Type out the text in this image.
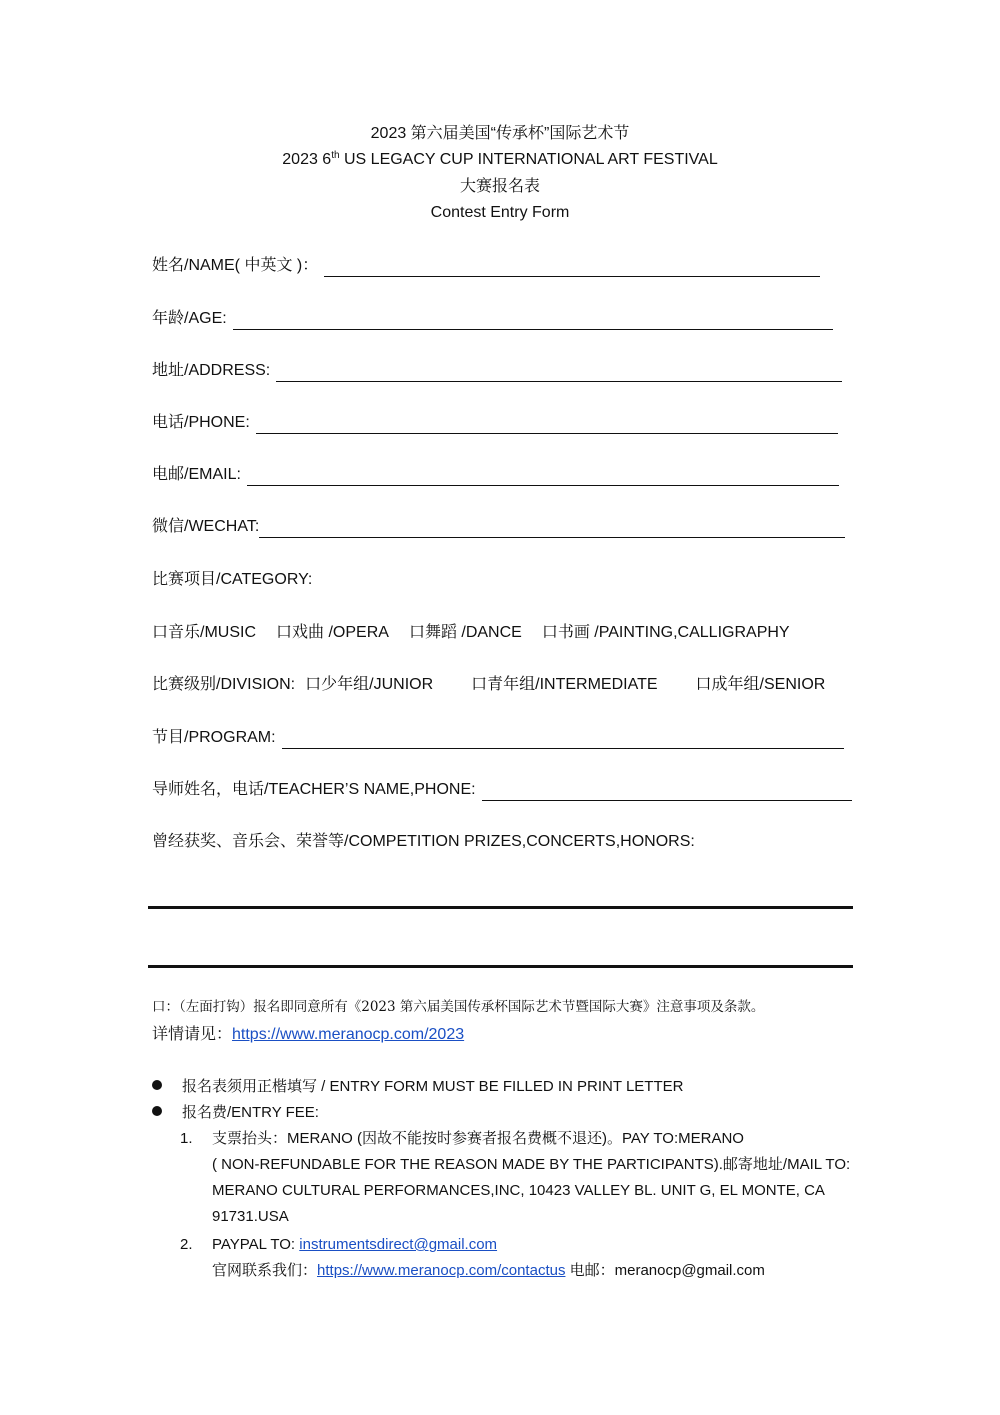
2023 第六届美国“传承杯”国际艺术节
2023 6th US LEGACY CUP INTERNATIONAL ART FESTIVAL
大赛报名表
Contest Entry Form
姓名/NAME( 中英文 )：
年龄/AGE:
地址/ADDRESS:
电话/PHONE:
电邮/EMAIL:
微信/WECHAT:
比赛项目/CATEGORY:
口音乐/MUSIC 口戏曲 /OPERA 口舞蹈 /DANCE 口书画 /PAINTING,CALLIGRAPHY
比赛级别/DIVISION: 口少年组/JUNIOR 口青年组/INTERMEDIATE 口成年组/SENIOR
节目/PROGRAM:
导师姓名，电话/TEACHER’S NAME,PHONE:
曾经获奖、音乐会、荣誉等/COMPETITION PRIZES,CONCERTS,HONORS:
口：（左面打钩）报名即同意所有《2023 第六届美国传承杯国际艺术节暨国际大赛》注意事项及条款。
详情请见：https://www.meranocp.com/2023
报名表须用正楷填写 / ENTRY FORM MUST BE FILLED IN PRINT LETTER
报名费/ENTRY FEE:
1. 支票抬头：MERANO (因故不能按时参赛者报名费概不退还)。PAY TO:MERANO
( NON-REFUNDABLE FOR THE REASON MADE BY THE PARTICIPANTS).邮寄地址/MAIL TO:
MERANO CULTURAL PERFORMANCES,INC, 10423 VALLEY BL. UNIT G, EL MONTE, CA
91731.USA
2. PAYPAL TO: instrumentsdirect@gmail.com
官网联系我们：https://www.meranocp.com/contactus 电邮：meranocp@gmail.com
